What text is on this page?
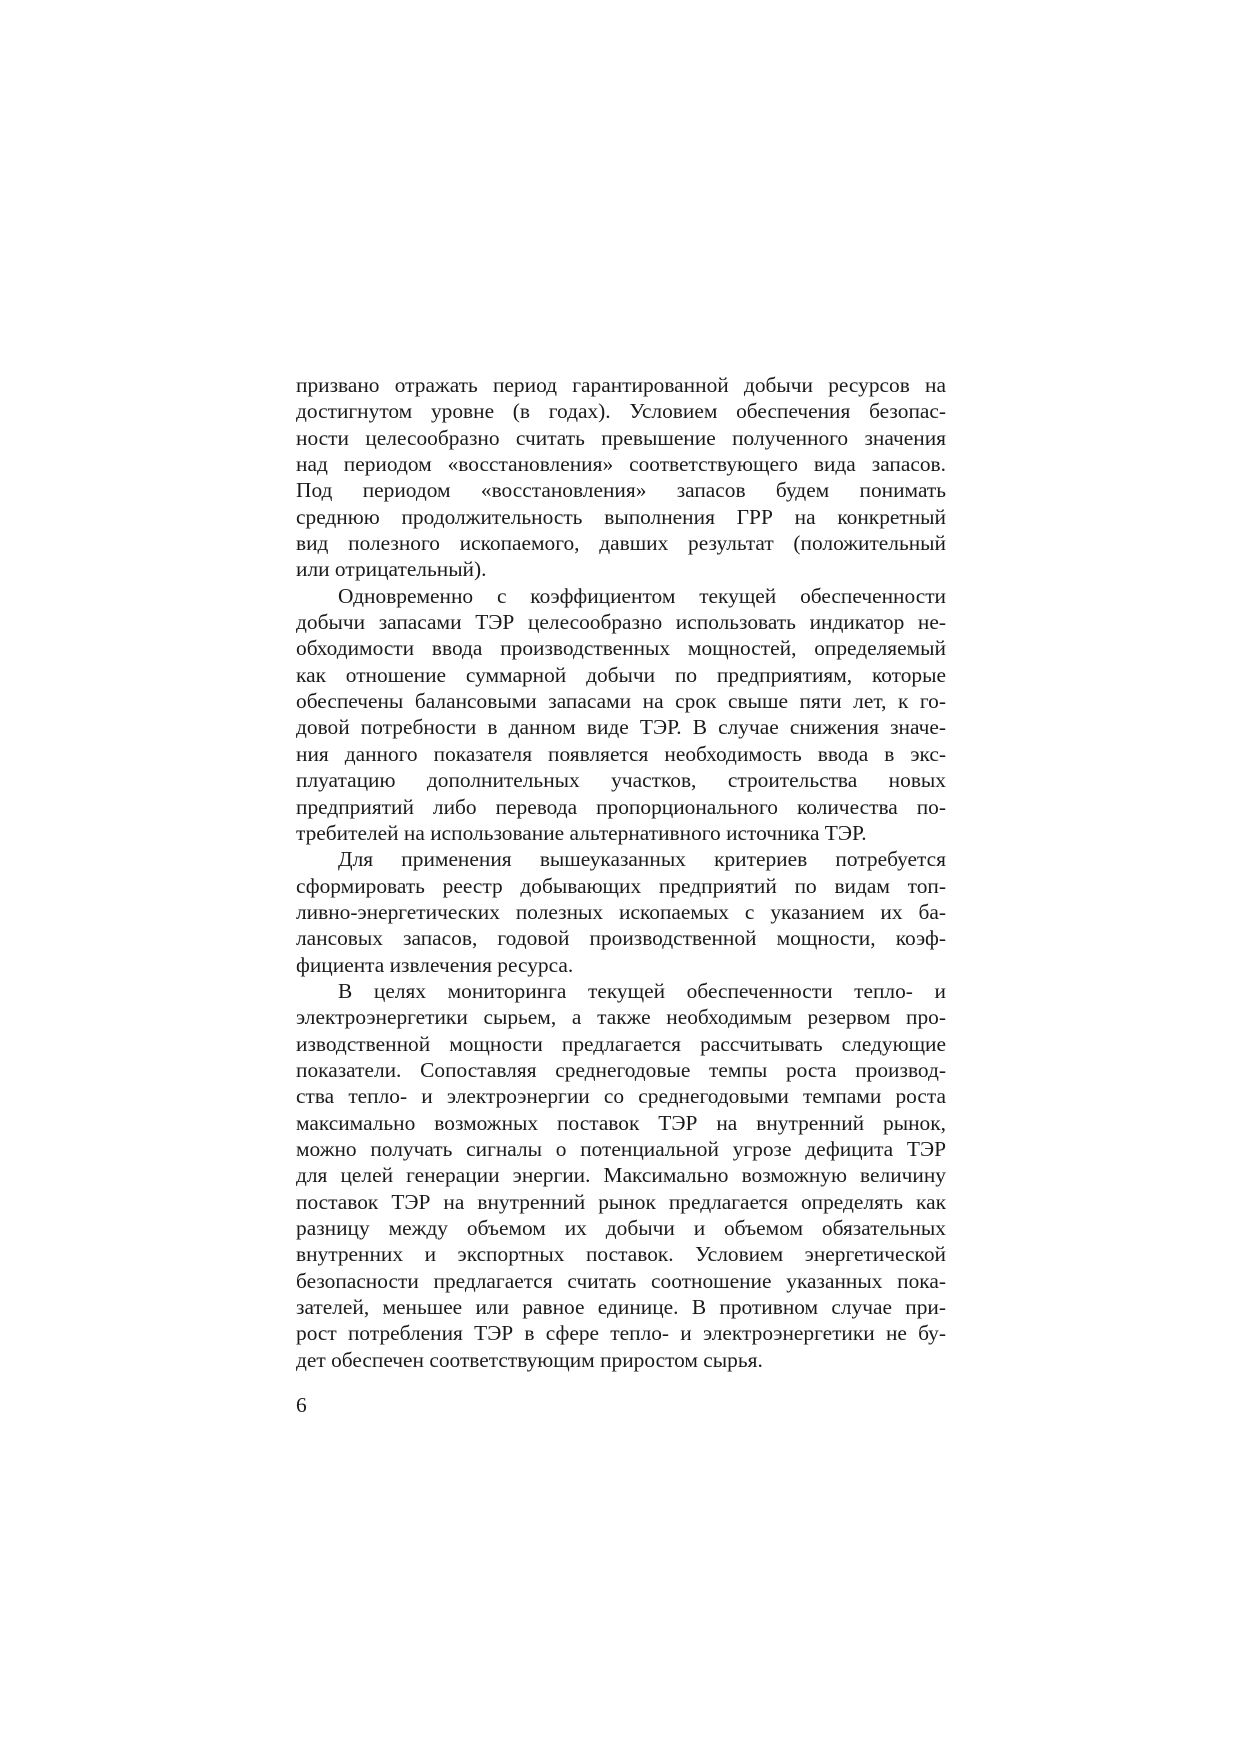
призвано отражать период гарантированной добычи ресурсов на
достигнутом уровне (в годах). Условием обеспечения безопас-
ности целесообразно считать превышение полученного значения
над периодом «восстановления» соответствующего вида запасов.
Под периодом «восстановления» запасов будем понимать
среднюю продолжительность выполнения ГРР на конкретный
вид полезного ископаемого, давших результат (положительный
или отрицательный).
Одновременно с коэффициентом текущей обеспеченности
добычи запасами ТЭР целесообразно использовать индикатор не-
обходимости ввода производственных мощностей, определяемый
как отношение суммарной добычи по предприятиям, которые
обеспечены балансовыми запасами на срок свыше пяти лет, к го-
довой потребности в данном виде ТЭР. В случае снижения значе-
ния данного показателя появляется необходимость ввода в экс-
плуатацию дополнительных участков, строительства новых
предприятий либо перевода пропорционального количества по-
требителей на использование альтернативного источника ТЭР.
Для применения вышеуказанных критериев потребуется
сформировать реестр добывающих предприятий по видам топ-
ливно-энергетических полезных ископаемых с указанием их ба-
лансовых запасов, годовой производственной мощности, коэф-
фициента извлечения ресурса.
В целях мониторинга текущей обеспеченности тепло- и
электроэнергетики сырьем, а также необходимым резервом про-
изводственной мощности предлагается рассчитывать следующие
показатели. Сопоставляя среднегодовые темпы роста производ-
ства тепло- и электроэнергии со среднегодовыми темпами роста
максимально возможных поставок ТЭР на внутренний рынок,
можно получать сигналы о потенциальной угрозе дефицита ТЭР
для целей генерации энергии. Максимально возможную величину
поставок ТЭР на внутренний рынок предлагается определять как
разницу между объемом их добычи и объемом обязательных
внутренних и экспортных поставок. Условием энергетической
безопасности предлагается считать соотношение указанных пока-
зателей, меньшее или равное единице. В противном случае при-
рост потребления ТЭР в сфере тепло- и электроэнергетики не бу-
дет обеспечен соответствующим приростом сырья.
6
